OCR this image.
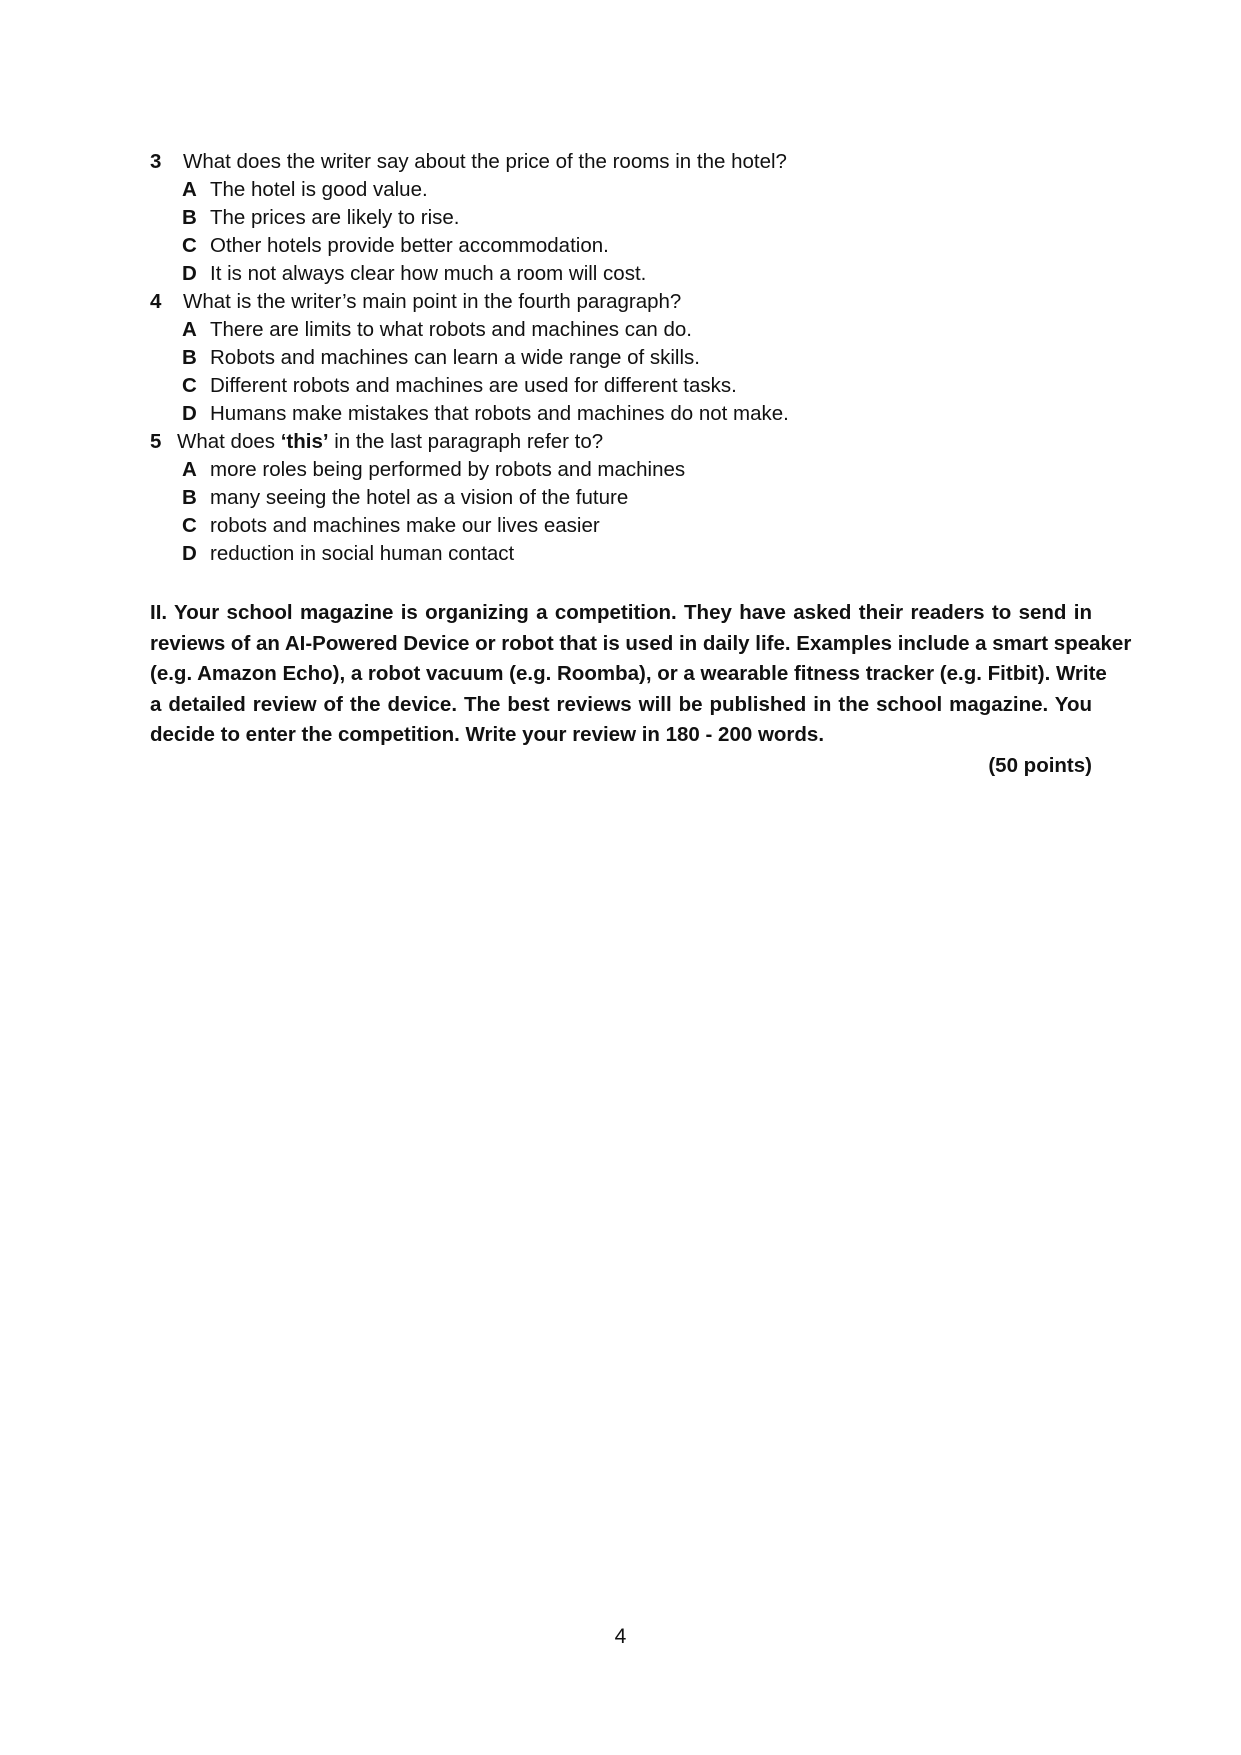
3	What does the writer say about the price of the rooms in the hotel?
A The hotel is good value.
B The prices are likely to rise.
C Other hotels provide better accommodation.
D It is not always clear how much a room will cost.
4	What is the writer’s main point in the fourth paragraph?
A There are limits to what robots and machines can do.
B Robots and machines can learn a wide range of skills.
C Different robots and machines are used for different tasks.
D Humans make mistakes that robots and machines do not make.
5 What does ‘this’ in the last paragraph refer to?
A more roles being performed by robots and machines
B many seeing the hotel as a vision of the future
C robots and machines make our lives easier
D reduction in social human contact
II. Your school magazine is organizing a competition. They have asked their readers to send in
reviews of an AI-Powered Device or robot that is used in daily life. Examples include a smart speaker
(e.g. Amazon Echo), a robot vacuum (e.g. Roomba), or a wearable fitness tracker (e.g. Fitbit). Write
a detailed review of the device. The best reviews will be published in the school magazine. You
decide to enter the competition. Write your review in 180 - 200 words.
(50 points)
4
